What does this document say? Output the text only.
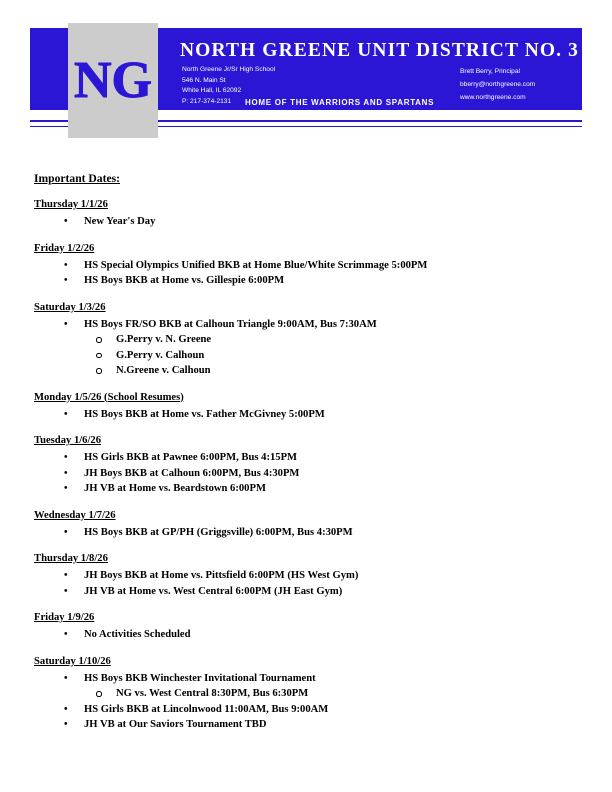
NG
NORTH GREENE UNIT DISTRICT NO. 3
North Greene Jr/Sr High School
546 N. Main St
White Hall, IL 62092
P: 217-374-2131
Brett Berry, Principal
bberry@northgreene.com
www.northgreene.com
HOME OF THE WARRIORS AND SPARTANS
Important Dates:
Thursday 1/1/26
• New Year's Day
Friday 1/2/26
• HS Special Olympics Unified BKB at Home Blue/White Scrimmage 5:00PM
• HS Boys BKB at Home vs. Gillespie 6:00PM
Saturday 1/3/26
• HS Boys FR/SO BKB at Calhoun Triangle 9:00AM, Bus 7:30AM
G.Perry v. N. Greene
G.Perry v. Calhoun
N.Greene v. Calhoun
Monday 1/5/26 (School Resumes)
• HS Boys BKB at Home vs. Father McGivney 5:00PM
Tuesday 1/6/26
• HS Girls BKB at Pawnee 6:00PM, Bus 4:15PM
• JH Boys BKB at Calhoun 6:00PM, Bus 4:30PM
• JH VB at Home vs. Beardstown 6:00PM
Wednesday 1/7/26
• HS Boys BKB at GP/PH (Griggsville) 6:00PM, Bus 4:30PM
Thursday 1/8/26
• JH Boys BKB at Home vs. Pittsfield 6:00PM (HS West Gym)
• JH VB at Home vs. West Central 6:00PM (JH East Gym)
Friday 1/9/26
• No Activities Scheduled
Saturday 1/10/26
• HS Boys BKB Winchester Invitational Tournament
NG vs. West Central 8:30PM, Bus 6:30PM
• HS Girls BKB at Lincolnwood 11:00AM, Bus 9:00AM
• JH VB at Our Saviors Tournament TBD
